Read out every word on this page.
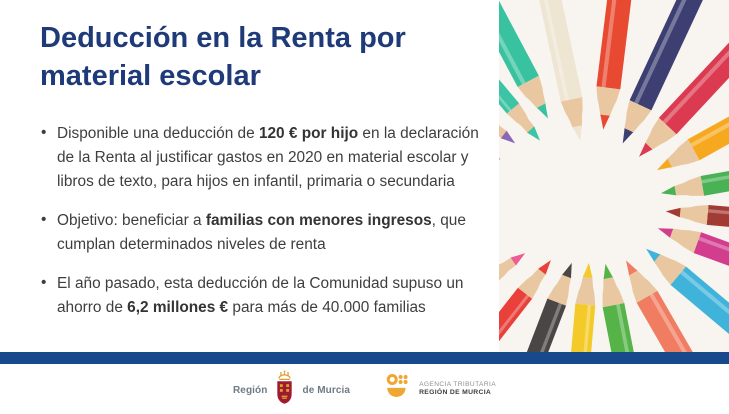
Deducción en la Renta por material escolar
• Disponible una deducción de 120 € por hijo en la declaración de la Renta al justificar gastos en 2020 en material escolar y libros de texto, para hijos en infantil, primaria o secundaria
• Objetivo: beneficiar a familias con menores ingresos, que cumplan determinados niveles de renta
• El año pasado, esta deducción de la Comunidad supuso un ahorro de 6,2 millones € para más de 40.000 familias
Región	de Murcia
AGENCIA TRIBUTARIA
REGIÓN DE MURCIA
